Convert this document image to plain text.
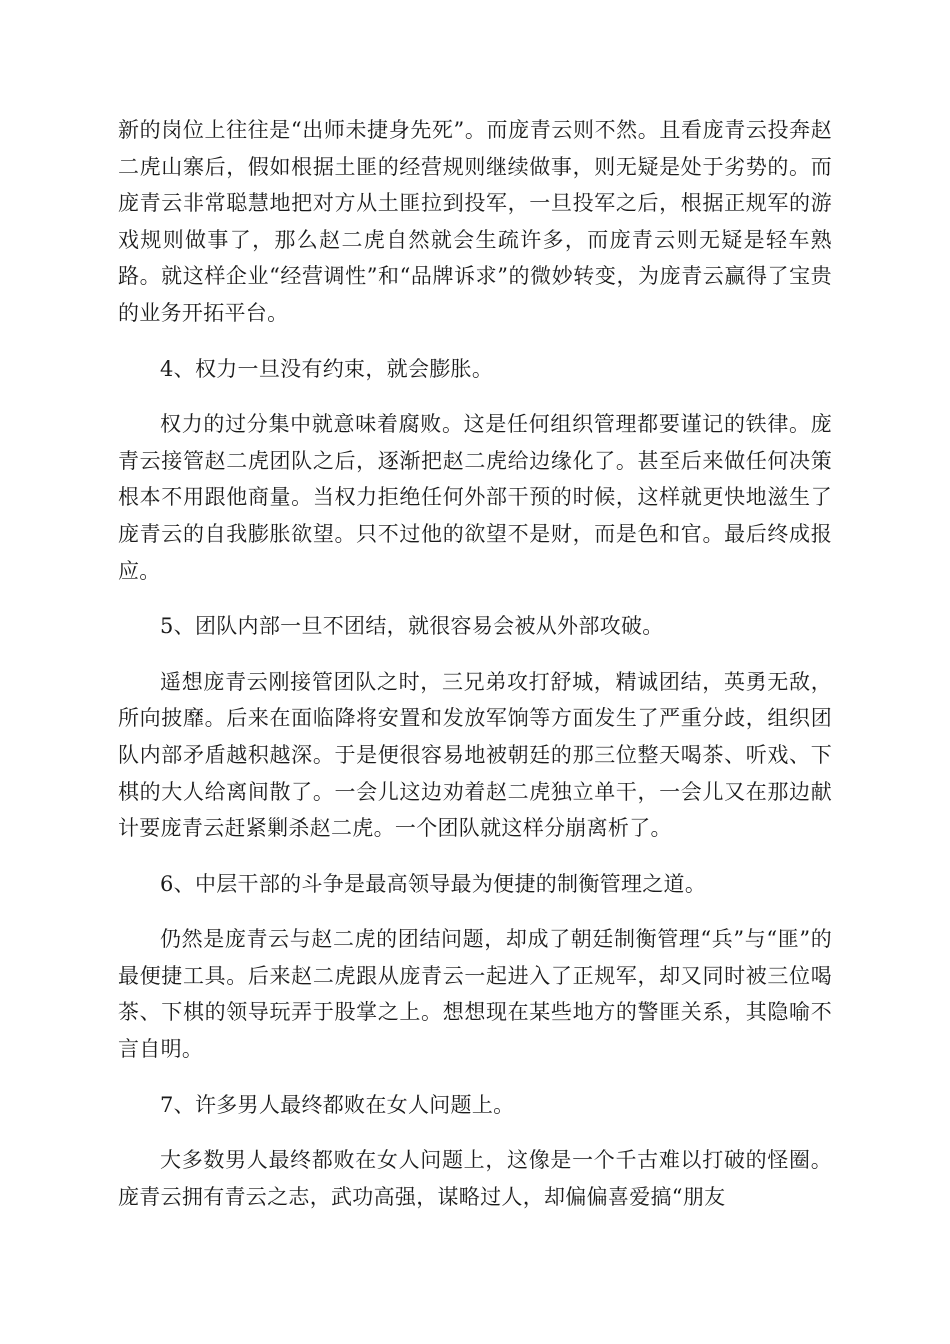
新的岗位上往往是“出师未捷身先死”。而庞青云则不然。且看庞青云投奔赵二虎山寨后，假如根据土匪的经营规则继续做事，则无疑是处于劣势的。而庞青云非常聪慧地把对方从土匪拉到投军，一旦投军之后，根据正规军的游戏规则做事了，那么赵二虎自然就会生疏许多，而庞青云则无疑是轻车熟路。就这样企业“经营调性”和“品牌诉求”的微妙转变，为庞青云赢得了宝贵的业务开拓平台。

4、权力一旦没有约束，就会膨胀。

权力的过分集中就意味着腐败。这是任何组织管理都要谨记的铁律。庞青云接管赵二虎团队之后，逐渐把赵二虎给边缘化了。甚至后来做任何决策根本不用跟他商量。当权力拒绝任何外部干预的时候，这样就更快地滋生了庞青云的自我膨胀欲望。只不过他的欲望不是财，而是色和官。最后终成报应。

5、团队内部一旦不团结，就很容易会被从外部攻破。

遥想庞青云刚接管团队之时，三兄弟攻打舒城，精诚团结，英勇无敌，所向披靡。后来在面临降将安置和发放军饷等方面发生了严重分歧，组织团队内部矛盾越积越深。于是便很容易地被朝廷的那三位整天喝茶、听戏、下棋的大人给离间散了。一会儿这边劝着赵二虎独立单干，一会儿又在那边献计要庞青云赶紧剿杀赵二虎。一个团队就这样分崩离析了。

6、中层干部的斗争是最高领导最为便捷的制衡管理之道。

仍然是庞青云与赵二虎的团结问题，却成了朝廷制衡管理“兵”与“匪”的最便捷工具。后来赵二虎跟从庞青云一起进入了正规军，却又同时被三位喝茶、下棋的领导玩弄于股掌之上。想想现在某些地方的警匪关系，其隐喻不言自明。

7、许多男人最终都败在女人问题上。

大多数男人最终都败在女人问题上，这像是一个千古难以打破的怪圈。庞青云拥有青云之志，武功高强，谋略过人，却偏偏喜爱搞“朋友
